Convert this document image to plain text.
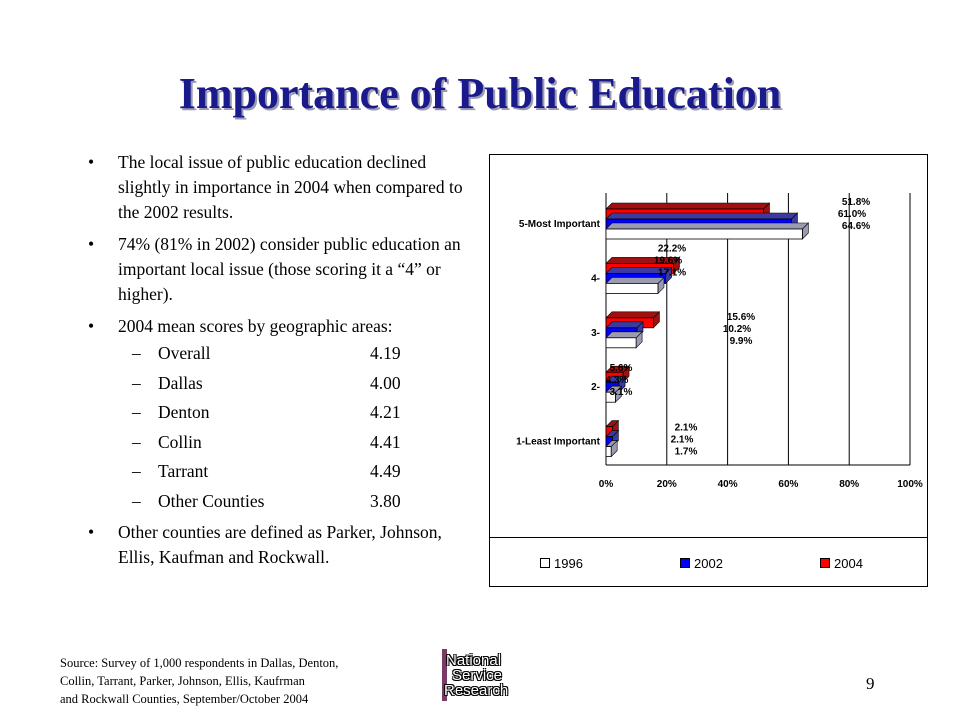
Importance of Public Education
• The local issue of public education declined slightly in importance in 2004 when compared to the 2002 results.
• 74% (81% in 2002) consider public education an important local issue (those scoring it a “4” or higher).
• 2004 mean scores by geographic areas:
– Overall	4.19
– Dallas	4.00
– Denton	4.21
– Collin	4.41
– Tarrant	4.49
– Other Counties	3.80
• Other counties are defined as Parker, Johnson, Ellis, Kaufman and Rockwall.
0%	20%	40%	60%	80%	100%
5-Most Important
51.8%
61.0%
64.6%
4-
22.2%
19.6%
17.1%
3-
15.6%
10.2%
9.9%
2-
5.6%
4.3%
3.1%
1-Least Important
2.1%
2.1%
1.7%
1996	2002	2004
Source: Survey of 1,000 respondents in Dallas, Denton,
Collin, Tarrant, Parker, Johnson, Ellis, Kaufrman
and Rockwall Counties, September/October 2004
National
Service
Research	9
